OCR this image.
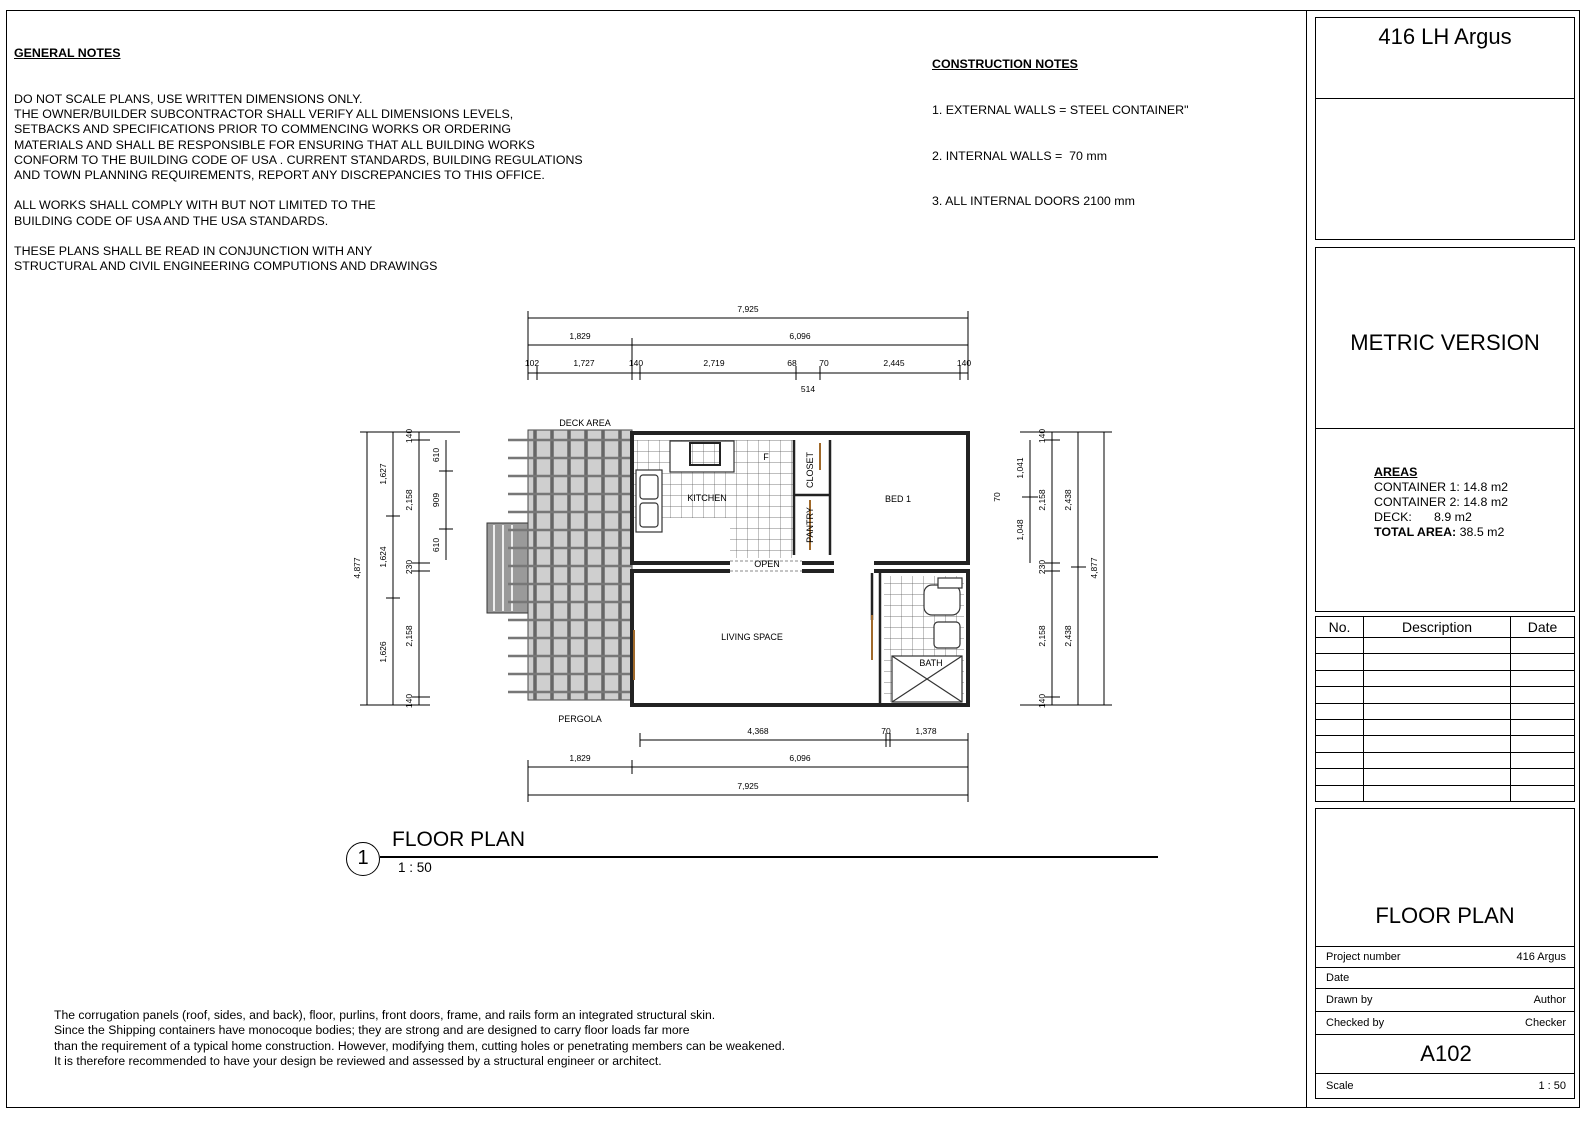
GENERAL NOTES

DO NOT SCALE PLANS, USE WRITTEN DIMENSIONS ONLY.
THE OWNER/BUILDER SUBCONTRACTOR SHALL VERIFY ALL DIMENSIONS LEVELS,
SETBACKS AND SPECIFICATIONS PRIOR TO COMMENCING WORKS OR ORDERING
MATERIALS AND SHALL BE RESPONSIBLE FOR ENSURING THAT ALL BUILDING WORKS
CONFORM TO THE BUILDING CODE OF USA . CURRENT STANDARDS, BUILDING REGULATIONS
AND TOWN PLANNING REQUIREMENTS, REPORT ANY DISCREPANCIES TO THIS OFFICE.
ALL WORKS SHALL COMPLY WITH BUT NOT LIMITED TO THE
BUILDING CODE OF USA AND THE USA STANDARDS.
THESE PLANS SHALL BE READ IN CONJUNCTION WITH ANY
STRUCTURAL AND CIVIL ENGINEERING COMPUTIONS AND DRAWINGS

CONSTRUCTION NOTES

1. EXTERNAL WALLS = STEEL CONTAINER"

2. INTERNAL WALLS =  70 mm

3. ALL INTERNAL DOORS 2100 mm

The corrugation panels (roof, sides, and back), floor, purlins, front doors, frame, and rails form an integrated structural skin.
Since the Shipping containers have monocoque bodies; they are strong and are designed to carry floor loads far more
than the requirement of a typical home construction. However, modifying them, cutting holes or penetrating members can be weakened.
It is therefore recommended to have your design be reviewed and assessed by a structural engineer or architect.
416 LH Argus
METRIC VERSION
AREAS
CONTAINER 1: 14.8 m2
CONTAINER 2: 14.8 m2
DECK: 8.9 m2
TOTAL AREA: 38.5 m2
No.	Description	Date

FLOOR PLAN
Project number	416 Argus
Date
Drawn by	Author
Checked by	Checker
A102
Scale	1 : 50
DECK AREA
PERGOLA
KITCHEN
F	CLOSET
PANTRY
BED 1
OPEN
LIVING SPACE
BATH
7,925
1,829	6,096
102	1,727	140	2,719	68	70	2,445	140
514
4,368	70	1,378
1,829	6,096
7,925
4,877
1,627
1,624
1,626
2,158
230
2,158
140
140
610
909
610
4,877
2,438
2,438
2,158
230
2,158
1,041
1,048
140
140
70
1
FLOOR PLAN
1 : 50
